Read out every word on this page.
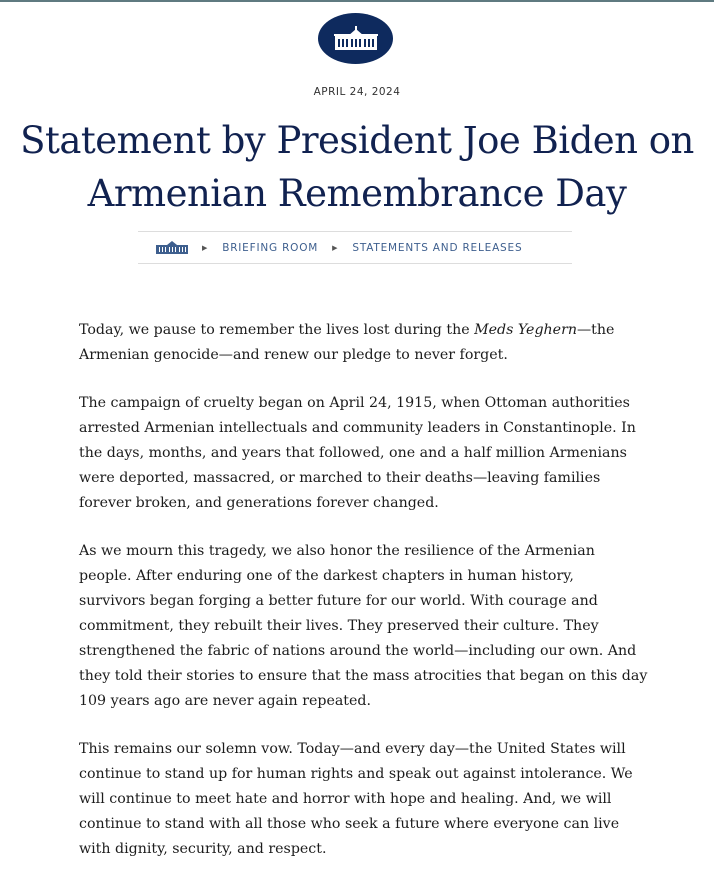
APRIL 24, 2024
Statement by President Joe Biden on
Armenian Remembrance Day
▶ BRIEFING ROOM ▶ STATEMENTS AND RELEASES

Today, we pause to remember the lives lost during the Meds Yeghern—the
Armenian genocide—and renew our pledge to never forget.

The campaign of cruelty began on April 24, 1915, when Ottoman authorities
arrested Armenian intellectuals and community leaders in Constantinople. In
the days, months, and years that followed, one and a half million Armenians
were deported, massacred, or marched to their deaths—leaving families
forever broken, and generations forever changed.

As we mourn this tragedy, we also honor the resilience of the Armenian
people. After enduring one of the darkest chapters in human history,
survivors began forging a better future for our world. With courage and
commitment, they rebuilt their lives. They preserved their culture. They
strengthened the fabric of nations around the world—including our own. And
they told their stories to ensure that the mass atrocities that began on this day
109 years ago are never again repeated.

This remains our solemn vow. Today—and every day—the United States will
continue to stand up for human rights and speak out against intolerance. We
will continue to meet hate and horror with hope and healing. And, we will
continue to stand with all those who seek a future where everyone can live
with dignity, security, and respect.
